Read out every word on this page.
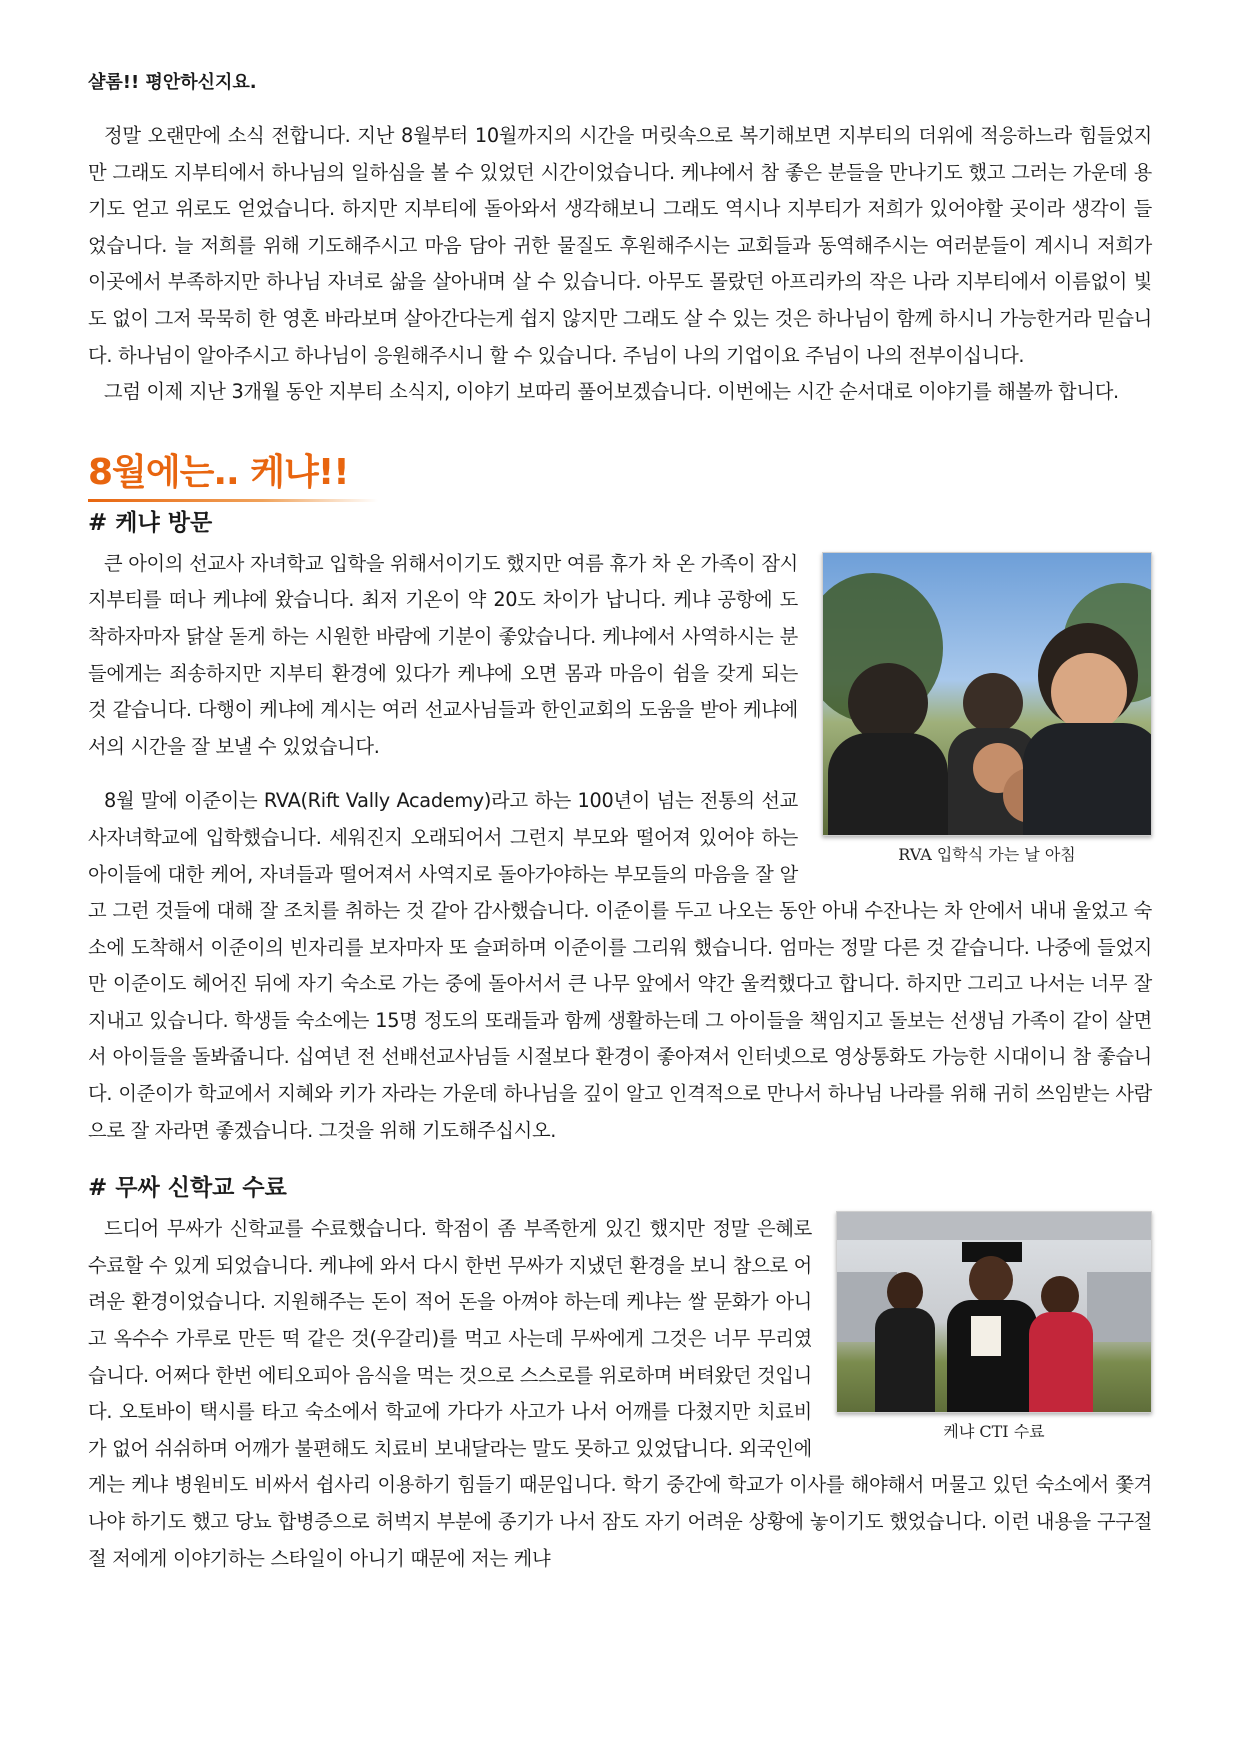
샬롬!! 평안하신지요.

정말 오랜만에 소식 전합니다. 지난 8월부터 10월까지의 시간을 머릿속으로 복기해보면 지부티의 더위에 적응하느라 힘들었지만 그래도 지부티에서 하나님의 일하심을 볼 수 있었던 시간이었습니다. 케냐에서 참 좋은 분들을 만나기도 했고 그러는 가운데 용기도 얻고 위로도 얻었습니다. 하지만 지부티에 돌아와서 생각해보니 그래도 역시나 지부티가 저희가 있어야할 곳이라 생각이 들었습니다. 늘 저희를 위해 기도해주시고 마음 담아 귀한 물질도 후원해주시는 교회들과 동역해주시는 여러분들이 계시니 저희가 이곳에서 부족하지만 하나님 자녀로 삶을 살아내며 살 수 있습니다. 아무도 몰랐던 아프리카의 작은 나라 지부티에서 이름없이 빛도 없이 그저 묵묵히 한 영혼 바라보며 살아간다는게 쉽지 않지만 그래도 살 수 있는 것은 하나님이 함께 하시니 가능한거라 믿습니다. 하나님이 알아주시고 하나님이 응원해주시니 할 수 있습니다. 주님이 나의 기업이요 주님이 나의 전부이십니다.

그럼 이제 지난 3개월 동안 지부티 소식지, 이야기 보따리 풀어보겠습니다. 이번에는 시간 순서대로 이야기를 해볼까 합니다.

8월에는.. 케냐!!
# 케냐 방문
RVA 입학식 가는 날 아침

큰 아이의 선교사 자녀학교 입학을 위해서이기도 했지만 여름 휴가 차 온 가족이 잠시 지부티를 떠나 케냐에 왔습니다. 최저 기온이 약 20도 차이가 납니다. 케냐 공항에 도착하자마자 닭살 돋게 하는 시원한 바람에 기분이 좋았습니다. 케냐에서 사역하시는 분들에게는 죄송하지만 지부티 환경에 있다가 케냐에 오면 몸과 마음이 쉼을 갖게 되는 것 같습니다. 다행이 케냐에 계시는 여러 선교사님들과 한인교회의 도움을 받아 케냐에서의 시간을 잘 보낼 수 있었습니다.

8월 말에 이준이는 RVA(Rift Vally Academy)라고 하는 100년이 넘는 전통의 선교사자녀학교에 입학했습니다. 세워진지 오래되어서 그런지 부모와 떨어져 있어야 하는 아이들에 대한 케어, 자녀들과 떨어져서 사역지로 돌아가야하는 부모들의 마음을 잘 알고 그런 것들에 대해 잘 조치를 취하는 것 같아 감사했습니다. 이준이를 두고 나오는 동안 아내 수잔나는 차 안에서 내내 울었고 숙소에 도착해서 이준이의 빈자리를 보자마자 또 슬퍼하며 이준이를 그리워 했습니다. 엄마는 정말 다른 것 같습니다. 나중에 들었지만 이준이도 헤어진 뒤에 자기 숙소로 가는 중에 돌아서서 큰 나무 앞에서 약간 울컥했다고 합니다. 하지만 그리고 나서는 너무 잘 지내고 있습니다. 학생들 숙소에는 15명 정도의 또래들과 함께 생활하는데 그 아이들을 책임지고 돌보는 선생님 가족이 같이 살면서 아이들을 돌봐줍니다. 십여년 전 선배선교사님들 시절보다 환경이 좋아져서 인터넷으로 영상통화도 가능한 시대이니 참 좋습니다. 이준이가 학교에서 지혜와 키가 자라는 가운데 하나님을 깊이 알고 인격적으로 만나서 하나님 나라를 위해 귀히 쓰임받는 사람으로 잘 자라면 좋겠습니다. 그것을 위해 기도해주십시오.

# 무싸 신학교 수료
케냐 CTI 수료

드디어 무싸가 신학교를 수료했습니다. 학점이 좀 부족한게 있긴 했지만 정말 은혜로 수료할 수 있게 되었습니다. 케냐에 와서 다시 한번 무싸가 지냈던 환경을 보니 참으로 어려운 환경이었습니다. 지원해주는 돈이 적어 돈을 아껴야 하는데 케냐는 쌀 문화가 아니고 옥수수 가루로 만든 떡 같은 것(우갈리)를 먹고 사는데 무싸에게 그것은 너무 무리였습니다. 어쩌다 한번 에티오피아 음식을 먹는 것으로 스스로를 위로하며 버텨왔던 것입니다. 오토바이 택시를 타고 숙소에서 학교에 가다가 사고가 나서 어깨를 다쳤지만 치료비가 없어 쉬쉬하며 어깨가 불편해도 치료비 보내달라는 말도 못하고 있었답니다. 외국인에게는 케냐 병원비도 비싸서 쉽사리 이용하기 힘들기 때문입니다. 학기 중간에 학교가 이사를 해야해서 머물고 있던 숙소에서 쫓겨나야 하기도 했고 당뇨 합병증으로 허벅지 부분에 종기가 나서 잠도 자기 어려운 상황에 놓이기도 했었습니다. 이런 내용을 구구절절 저에게 이야기하는 스타일이 아니기 때문에 저는 케냐
